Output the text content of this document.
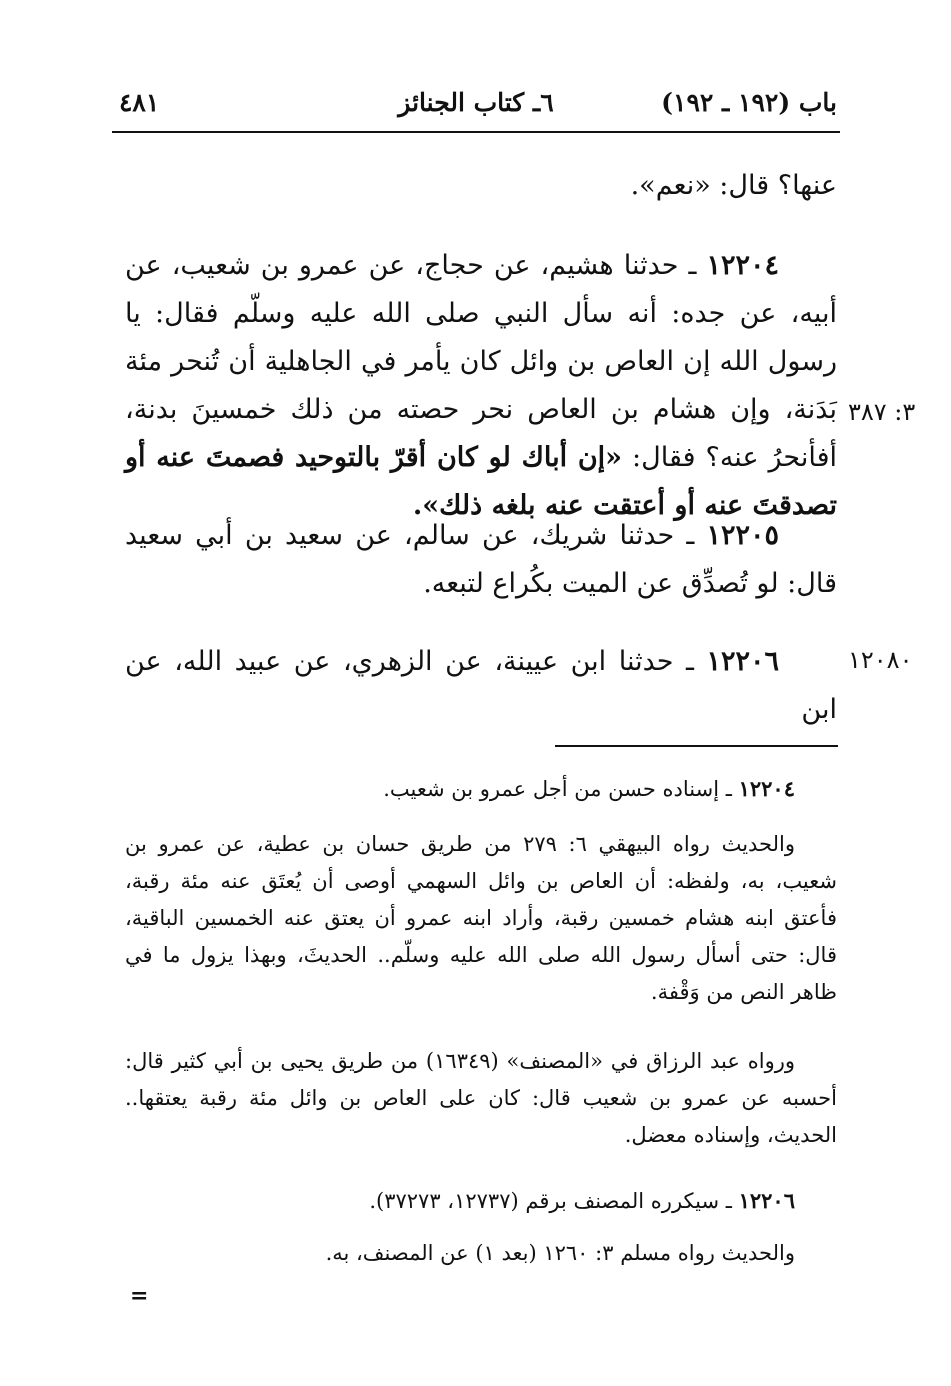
باب (١٩٢ ـ ١٩٢)
٦ـ كتاب الجنائز
٤٨١
عنها؟ قال: «نعم».
١٢٢٠٤ ـ حدثنا هشيم، عن حجاج، عن عمرو بن شعيب، عن أبيه، عن جده: أنه سأل النبي صلى الله عليه وسلّم فقال: يا رسول الله إن العاص بن وائل كان يأمر في الجاهلية أن تُنحر مئة بَدَنة، وإن هشام بن العاص نحر حصته من ذلك خمسينَ بدنة، أفأنحرُ عنه؟ فقال: «إن أباك لو كان أقرّ بالتوحيد فصمتَ عنه أو تصدقتَ عنه أو أعتقت عنه بلغه ذلك».
١٢٢٠٥ ـ حدثنا شريك، عن سالم، عن سعيد بن أبي سعيد قال: لو تُصدِّق عن الميت بكُراع لتبعه.
١٢٢٠٦ ـ حدثنا ابن عيينة، عن الزهري، عن عبيد الله، عن ابن
٣: ٣٨٧
١٢٠٨٠
١٢٢٠٤ ـ إسناده حسن من أجل عمرو بن شعيب.
والحديث رواه البيهقي ٦: ٢٧٩ من طريق حسان بن عطية، عن عمرو بن شعيب، به، ولفظه: أن العاص بن وائل السهمي أوصى أن يُعتَق عنه مئة رقبة، فأعتق ابنه هشام خمسين رقبة، وأراد ابنه عمرو أن يعتق عنه الخمسين الباقية، قال: حتى أسأل رسول الله صلى الله عليه وسلّم.. الحديثَ، وبهذا يزول ما في ظاهر النص من وَقْفة.
ورواه عبد الرزاق في «المصنف» (١٦٣٤٩) من طريق يحيى بن أبي كثير قال: أحسبه عن عمرو بن شعيب قال: كان على العاص بن وائل مئة رقبة يعتقها.. الحديث، وإسناده معضل.
١٢٢٠٦ ـ سيكرره المصنف برقم (١٢٧٣٧، ٣٧٢٧٣).
والحديث رواه مسلم ٣: ١٢٦٠ (بعد ١) عن المصنف، به.
=
